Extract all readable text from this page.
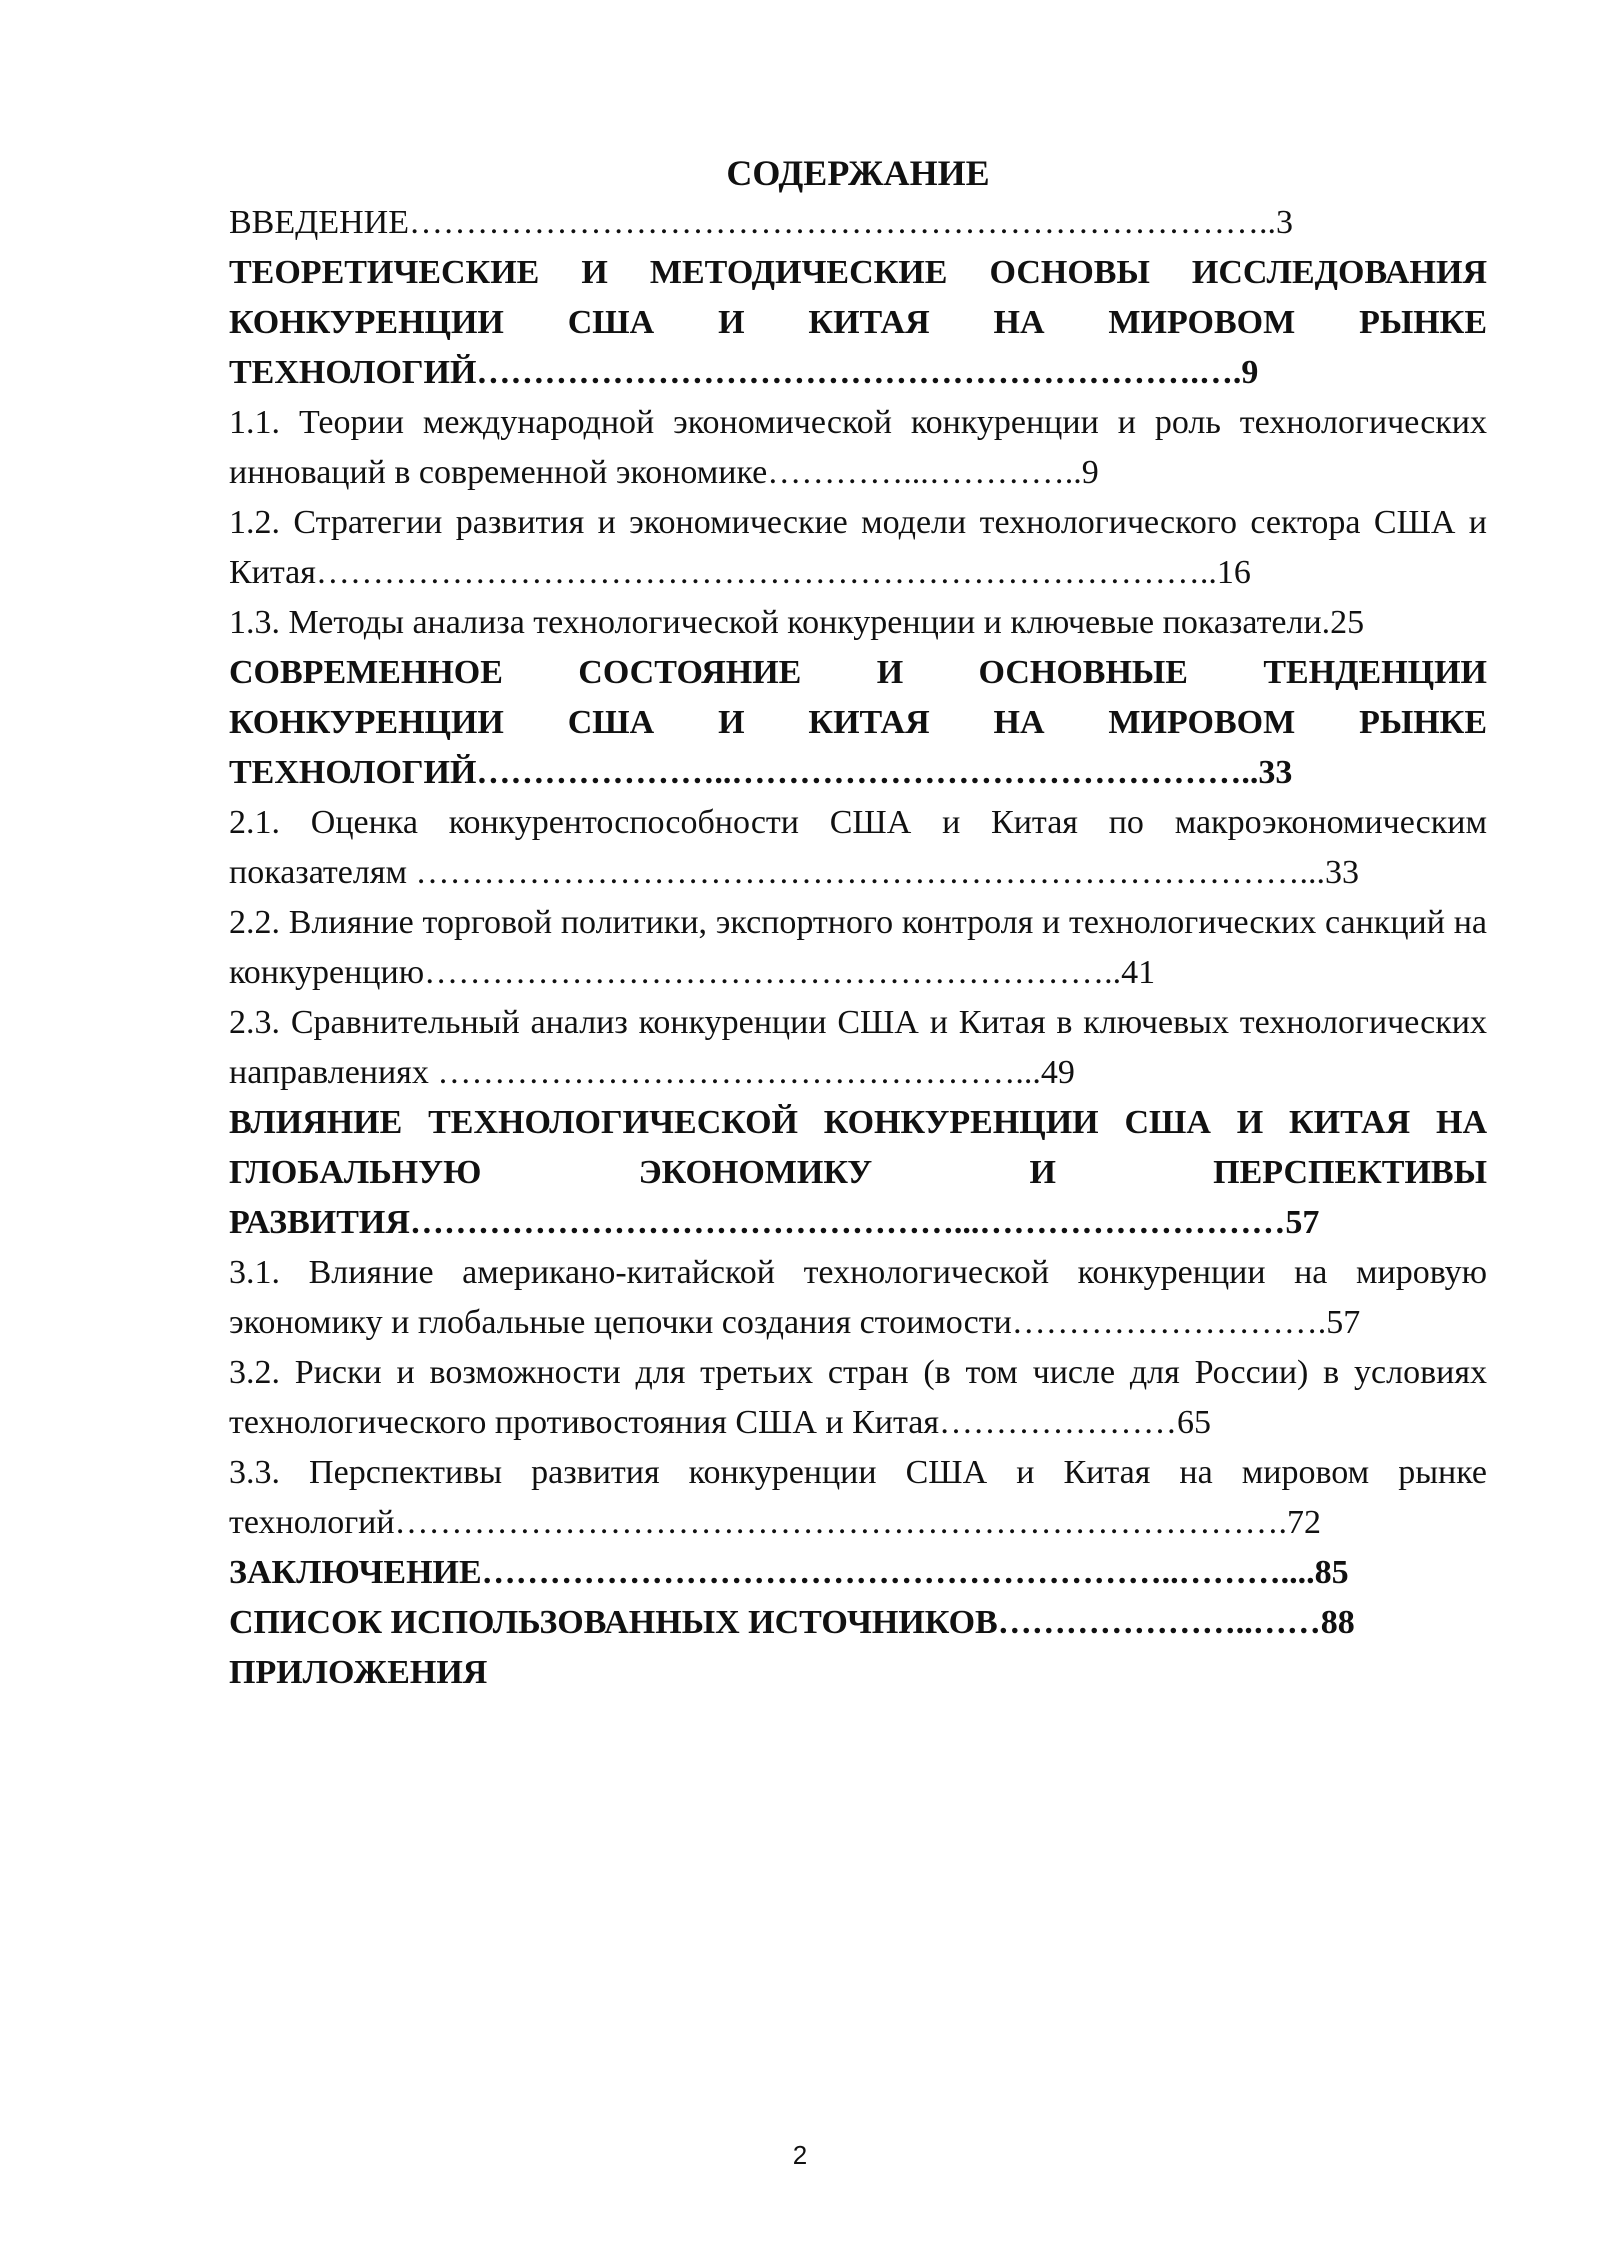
СОДЕРЖАНИЕ

ВВЕДЕНИЕ…………………………………………………………………..3

ТЕОРЕТИЧЕСКИЕ И МЕТОДИЧЕСКИЕ ОСНОВЫ ИССЛЕДОВАНИЯ КОНКУРЕНЦИИ США И КИТАЯ НА МИРОВОМ РЫНКЕ ТЕХНОЛОГИЙ……………………………………………………….….9

1.1. Теории международной экономической конкуренции и роль технологических инноваций в современной экономике…………...…………..9

1.2. Стратегии развития и экономические модели технологического сектора США и Китая……………………………………………………………………..16

1.3. Методы анализа технологической конкуренции и ключевые показатели.25

СОВРЕМЕННОЕ СОСТОЯНИЕ И ОСНОВНЫЕ ТЕНДЕНЦИИ КОНКУРЕНЦИИ США И КИТАЯ НА МИРОВОМ РЫНКЕ ТЕХНОЛОГИЙ…………………..………………………………………..33

2.1. Оценка конкурентоспособности США и Китая по макроэкономическим показателям ……………………………………………………………………...33

2.2. Влияние торговой политики, экспортного контроля и технологических санкций на конкуренцию……………………………………………………..41

2.3. Сравнительный анализ конкуренции США и Китая в ключевых технологических направлениях ……………………………………………...49

ВЛИЯНИЕ ТЕХНОЛОГИЧЕСКОЙ КОНКУРЕНЦИИ США И КИТАЯ НА ГЛОБАЛЬНУЮ ЭКОНОМИКУ И ПЕРСПЕКТИВЫ РАЗВИТИЯ…………………………………………...………………………57

3.1. Влияние американо-китайской технологической конкуренции на мировую экономику и глобальные цепочки создания стоимости……………………….57

3.2. Риски и возможности для третьих стран (в том числе для России) в условиях технологического противостояния США и Китая…………………65

3.3. Перспективы развития конкуренции США и Китая на мировом рынке технологий…………………………………………………………………….72

ЗАКЛЮЧЕНИЕ……………………………………………………..………....85

СПИСОК ИСПОЛЬЗОВАННЫХ ИСТОЧНИКОВ…………………..……88

ПРИЛОЖЕНИЯ

2
